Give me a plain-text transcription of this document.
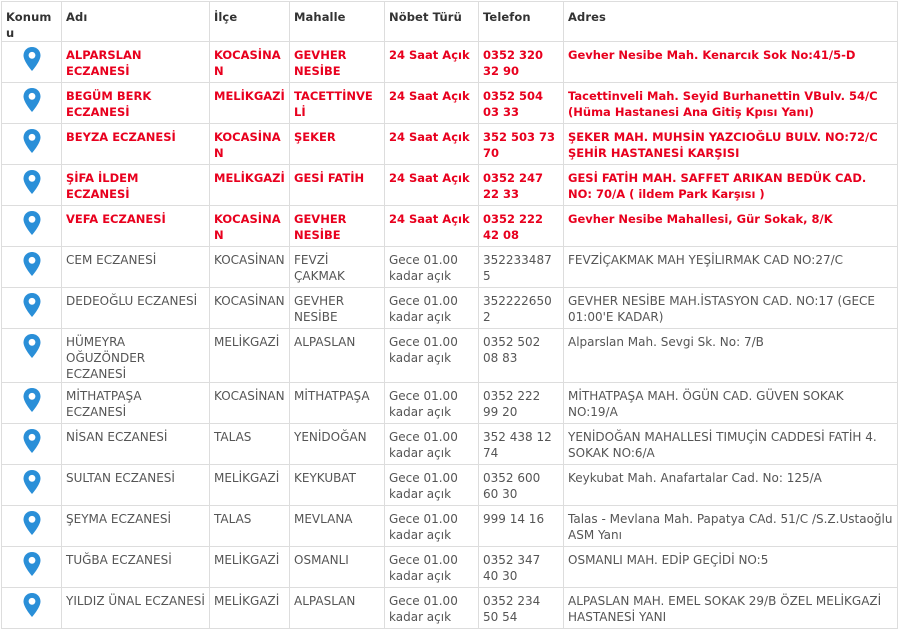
Konumu	Adı	İlçe	Mahalle	Nöbet Türü	Telefon	Adres

	ALPARSLAN ECZANESİ	KOCASİNAN	GEVHER NESİBE	24 Saat Açık	0352 320 32 90	Gevher Nesibe Mah. Kenarcık Sok No:41/5-D

	BEGÜM BERK ECZANESİ	MELİKGAZİ	TACETTİNVELİ	24 Saat Açık	0352 504 03 33	Tacettinveli Mah. Seyid Burhanettin VBulv. 54/C (Hüma Hastanesi Ana Gitiş Kpısı Yanı)

	BEYZA ECZANESİ	KOCASİNAN	ŞEKER	24 Saat Açık	352 503 73 70	ŞEKER MAH. MUHSİN YAZCIOĞLU BULV. NO:72/C ŞEHİR HASTANESİ KARŞISI

	ŞİFA İLDEM ECZANESİ	MELİKGAZİ	GESİ FATİH	24 Saat Açık	0352 247 22 33	GESİ FATİH MAH. SAFFET ARIKAN BEDÜK CAD. NO: 70/A ( ildem Park Karşısı )

	VEFA ECZANESİ	KOCASİNAN	GEVHER NESİBE	24 Saat Açık	0352 222 42 08	Gevher Nesibe Mahallesi, Gür Sokak, 8/K

	CEM ECZANESİ	KOCASİNAN	FEVZİ ÇAKMAK	Gece 01.00 kadar açık	3522334875	FEVZİÇAKMAK MAH YEŞİLIRMAK CAD NO:27/C

	DEDEOĞLU ECZANESİ	KOCASİNAN	GEVHER NESİBE	Gece 01.00 kadar açık	3522226502	GEVHER NESİBE MAH.İSTASYON CAD. NO:17 (GECE 01:00'E KADAR)

	HÜMEYRA OĞUZÖNDER ECZANESİ	MELİKGAZİ	ALPASLAN	Gece 01.00 kadar açık	0352 502 08 83	Alparslan Mah. Sevgi Sk. No: 7/B

	MİTHATPAŞA ECZANESİ	KOCASİNAN	MİTHATPAŞA	Gece 01.00 kadar açık	0352 222 99 20	MİTHATPAŞA MAH. ÖGÜN CAD. GÜVEN SOKAK NO:19/A

	NİSAN ECZANESİ	TALAS	YENİDOĞAN	Gece 01.00 kadar açık	352 438 12 74	YENİDOĞAN MAHALLESİ TIMUÇİN CADDESİ FATİH 4. SOKAK NO:6/A

	SULTAN ECZANESİ	MELİKGAZİ	KEYKUBAT	Gece 01.00 kadar açık	0352 600 60 30	Keykubat Mah. Anafartalar Cad. No: 125/A

	ŞEYMA ECZANESİ	TALAS	MEVLANA	Gece 01.00 kadar açık	999 14 16	Talas - Mevlana Mah. Papatya CAd. 51/C /S.Z.Ustaoğlu ASM Yanı

	TUĞBA ECZANESİ	MELİKGAZİ	OSMANLI	Gece 01.00 kadar açık	0352 347 40 30	OSMANLI MAH. EDİP GEÇİDİ NO:5

	YILDIZ ÜNAL ECZANESİ	MELİKGAZİ	ALPASLAN	Gece 01.00 kadar açık	0352 234 50 54	ALPASLAN MAH. EMEL SOKAK 29/B ÖZEL MELİKGAZİ HASTANESİ YANI
